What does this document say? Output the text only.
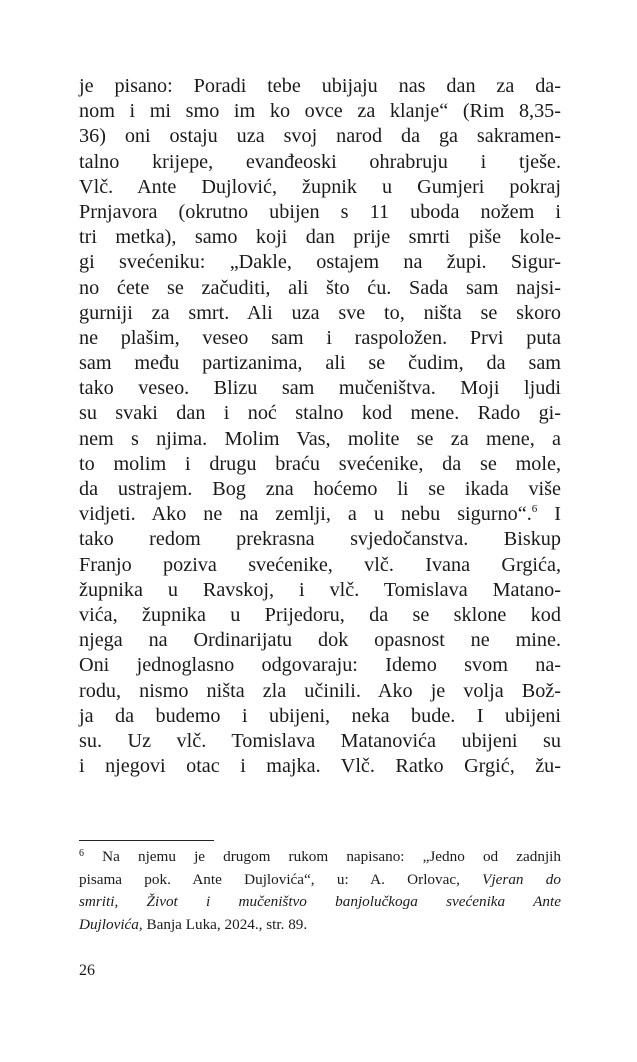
je pisano: Poradi tebe ubijaju nas dan za da-
nom i mi smo im ko ovce za klanje“ (Rim 8,35-
36) oni ostaju uza svoj narod da ga sakramen-
talno krijepe, evanđeoski ohrabruju i tješe.
Vlč. Ante Dujlović, župnik u Gumjeri pokraj
Prnjavora (okrutno ubijen s 11 uboda nožem i
tri metka), samo koji dan prije smrti piše kole-
gi svećeniku: „Dakle, ostajem na župi. Sigur-
no ćete se začuditi, ali što ću. Sada sam najsi-
gurniji za smrt. Ali uza sve to, ništa se skoro
ne plašim, veseo sam i raspoložen. Prvi puta
sam među partizanima, ali se čudim, da sam
tako veseo. Blizu sam mučeništva. Moji ljudi
su svaki dan i noć stalno kod mene. Rado gi-
nem s njima. Molim Vas, molite se za mene, a
to molim i drugu braću svećenike, da se mole,
da ustrajem. Bog zna hoćemo li se ikada više
vidjeti. Ako ne na zemlji, a u nebu sigurno“.$^6$ I
tako redom prekrasna svjedočanstva. Biskup
Franjo poziva svećenike, vlč. Ivana Grgića,
župnika u Ravskoj, i vlč. Tomislava Matano-
vića, župnika u Prijedoru, da se sklone kod
njega na Ordinarijatu dok opasnost ne mine.
Oni jednoglasno odgovaraju: Idemo svom na-
rodu, nismo ništa zla učinili. Ako je volja Bož-
ja da budemo i ubijeni, neka bude. I ubijeni
su. Uz vlč. Tomislava Matanovića ubijeni su
i njegovi otac i majka. Vlč. Ratko Grgić, žu-
$^6$ Na njemu je drugom rukom napisano: „Jedno od zadnjih
pisama pok. Ante Dujlovića“, u: A. Orlovac, Vjeran do
smriti, Život i mučeništvo banjolučkoga svećenika Ante
Dujlovića, Banja Luka, 2024., str. 89.
26
